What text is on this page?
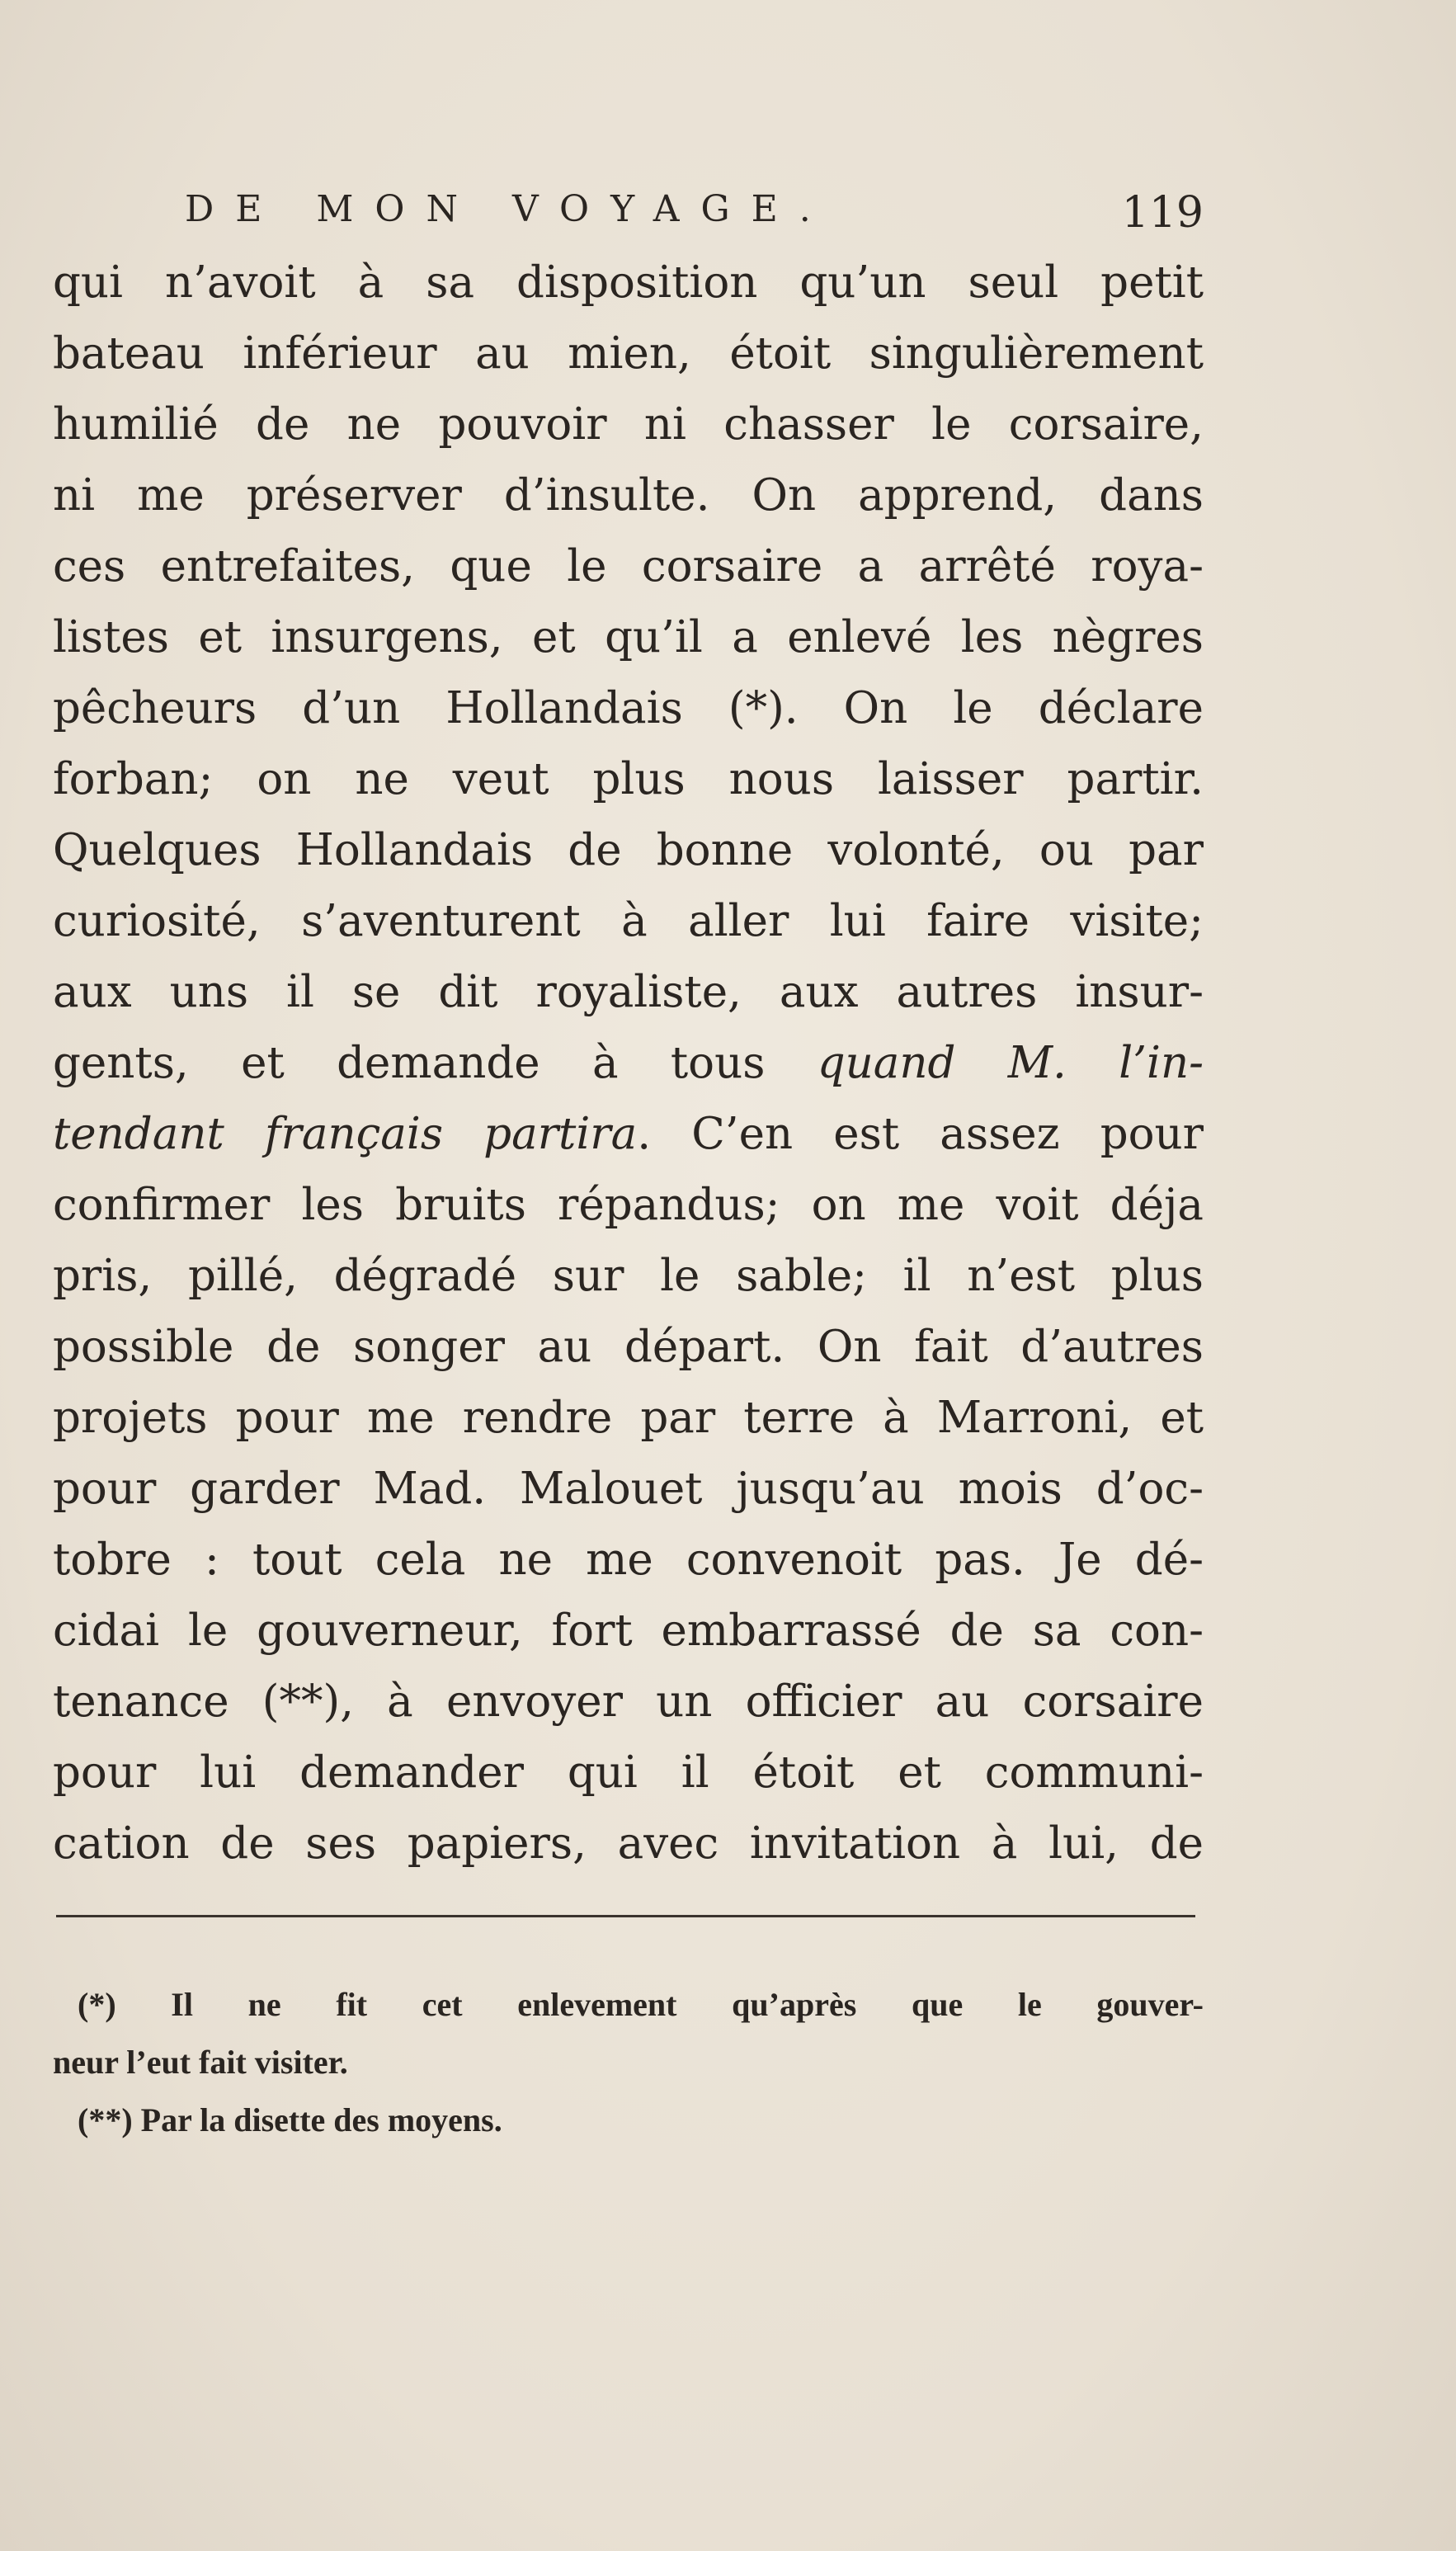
DE MON VOYAGE.	119
qui n’avoit à sa disposition qu’un seul petit
bateau inférieur au mien, étoit singulièrement
humilié de ne pouvoir ni chasser le corsaire,
ni me préserver d’insulte. On apprend, dans
ces entrefaites, que le corsaire a arrêté roya-
listes et insurgens, et qu’il a enlevé les nègres
pêcheurs d’un Hollandais (*). On le déclare
forban; on ne veut plus nous laisser partir.
Quelques Hollandais de bonne volonté, ou par
curiosité, s’aventurent à aller lui faire visite;
aux uns il se dit royaliste, aux autres insur-
gents, et demande à tous quand M. l’in-
tendant français partira. C’en est assez pour
confirmer les bruits répandus; on me voit déja
pris, pillé, dégradé sur le sable; il n’est plus
possible de songer au départ. On fait d’autres
projets pour me rendre par terre à Marroni, et
pour garder Mad. Malouet jusqu’au mois d’oc-
tobre : tout cela ne me convenoit pas. Je dé-
cidai le gouverneur, fort embarrassé de sa con-
tenance (**), à envoyer un officier au corsaire
pour lui demander qui il étoit et communi-
cation de ses papiers, avec invitation à lui, de
(*) Il ne fit cet enlevement qu’après que le gouver-
neur l’eut fait visiter.
(**) Par la disette des moyens.
